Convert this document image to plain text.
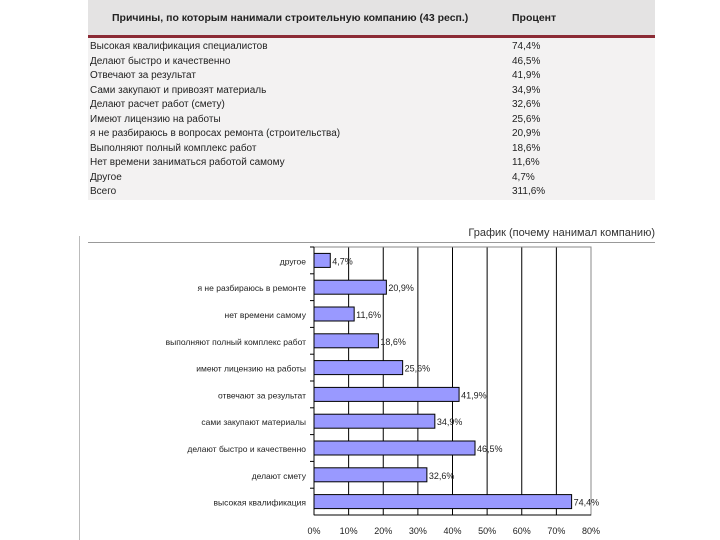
Причины, по которым нанимали строительную компанию (43 респ.)	Процент
Высокая квалификация специалистов	74,4%
Делают быстро и качественно	46,5%
Отвечают за результат	41,9%
Сами закупают и привозят материаль	34,9%
Делают расчет работ (смету)	32,6%
Имеют лицензию на работы	25,6%
я не разбираюсь в вопросах ремонта (строительства)	20,9%
Выполняют полный комплекс работ	18,6%
Нет времени заниматься работой самому	11,6%
Другое	4,7%
Всего	311,6%
График (почему нанимал компанию)
0% 10% 20% 30% 40% 50% 60% 70% 80%
4,7%
другое
20,9%
я не разбираюсь в ремонте
11,6%
нет времени самому
18,6%
выполняют полный комплекс работ
25,6%
имеют лицензию на работы
41,9%
отвечают за результат
34,9%
сами закупают материалы
46,5%
делают быстро и качественно
32,6%
делают смету
74,4%
высокая квалификация
